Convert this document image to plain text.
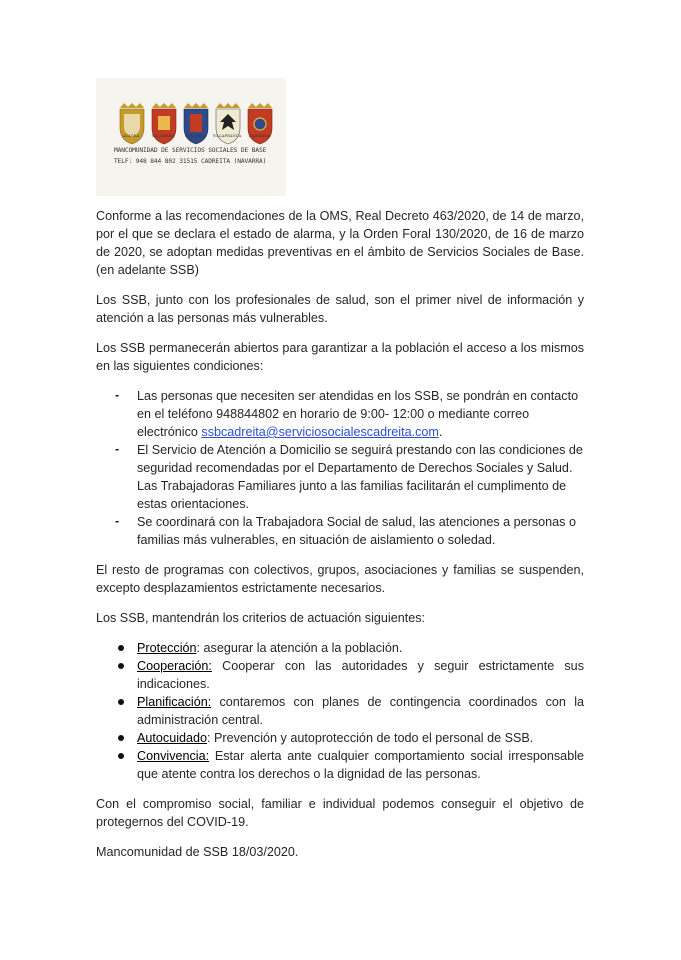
AZAGRA	VALTIERRA	MILAGRO	VILLAFRANCA	CADREITA
MANCOMUNIDAD DE SERVICIOS SOCIALES DE BASE
TELF: 948 844 802 31515 CADREITA (NAVARRA)

Conforme a las recomendaciones de la OMS, Real Decreto 463/2020, de 14 de marzo, por el que se declara el estado de alarma, y la Orden Foral 130/2020, de 16 de marzo de 2020, se adoptan medidas preventivas en el ámbito de Servicios Sociales de Base. (en adelante SSB)

Los SSB, junto con los profesionales de salud, son el primer nivel de información y atención a las personas más vulnerables.

Los SSB permanecerán abiertos para garantizar a la población el acceso a los mismos en las siguientes condiciones:

- Las personas que necesiten ser atendidas en los SSB, se pondrán en contacto en el teléfono 948844802 en horario de 9:00- 12:00 o mediante correo electrónico ssbcadreita@serviciosocialescadreita.com.
- El Servicio de Atención a Domicilio se seguirá prestando con las condiciones de seguridad recomendadas por el Departamento de Derechos Sociales y Salud. Las Trabajadoras Familiares junto a las familias facilitarán el cumplimento de estas orientaciones.
- Se coordinará con la Trabajadora Social de salud, las atenciones a personas o familias más vulnerables, en situación de aislamiento o soledad.

El resto de programas con colectivos, grupos, asociaciones y familias se suspenden, excepto desplazamientos estrictamente necesarios.

Los SSB, mantendrán los criterios de actuación siguientes:

Protección: asegurar la atención a la población.
Cooperación: Cooperar con las autoridades y seguir estrictamente sus indicaciones.
Planificación: contaremos con planes de contingencia coordinados con la administración central.
Autocuidado: Prevención y autoprotección de todo el personal de SSB.
Convivencia: Estar alerta ante cualquier comportamiento social irresponsable que atente contra los derechos o la dignidad de las personas.

Con el compromiso social, familiar e individual podemos conseguir el objetivo de protegernos del COVID-19.

Mancomunidad de SSB 18/03/2020.
